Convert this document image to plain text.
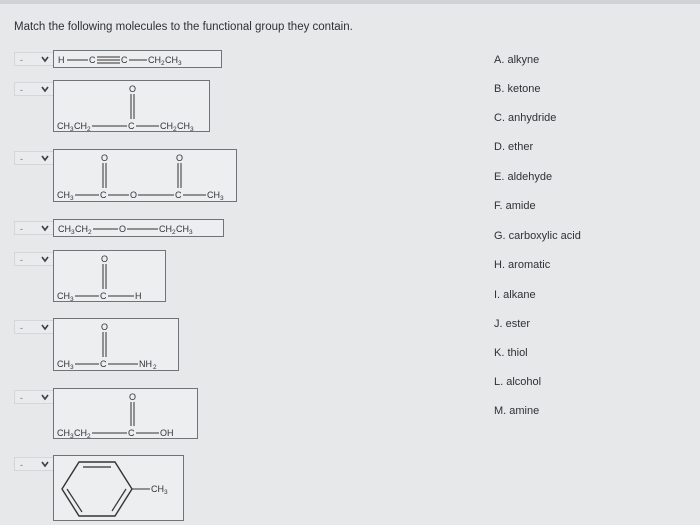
Match the following molecules to the functional group they contain.
-	H	C	C CH 2 CH 3
-	O
CH 3 CH 2	C	CH 2 CH 3
-	O	O
CH 3	C	O	C	CH 3
-	CH 3 CH 2	O	CH 2 CH 3
-	O
CH 3	C	H
-	O
CH 3	C	NH 2
-	O
CH 3 CH 2	C	OH
-
CH 3
A. alkyne
B. ketone
C. anhydride
D. ether
E. aldehyde
F. amide
G. carboxylic acid
H. aromatic
I. alkane
J. ester
K. thiol
L. alcohol
M. amine
